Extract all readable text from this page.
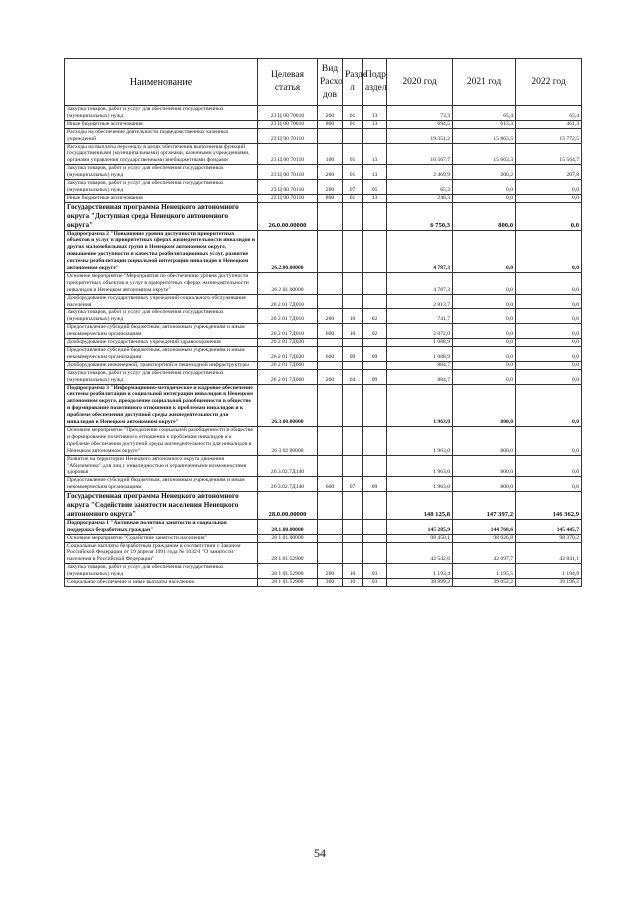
Наименование	Целевая статья	Вид Расхо дов	Разде л	Подр аздел	2020 год	2021 год	2022 год
Закупка товаров, работ и услуг для обеспечения государственных (муниципальных) нужд	23 Ц 00 70010	200	01	13	73,3	65,4	65,4
Иные бюджетные ассигнования	23 Ц 00 70010	800	01	13	694,5	615,3	461,3
Расходы на обеспечение деятельности подведомственных казенных учреждений	23 Ц 00 70110				19 351,2	15 863,5	15 772,5
Расходы на выплаты персоналу в целях обеспечения выполнения функций государственными (муниципальными) органами, казенными учреждениями, органами управления государственными внебюджетными фондами	23 Ц 00 70110	100	01	13	16 567,7	15 663,3	15 564,7
Закупка товаров, работ и услуг для обеспечения государственных (муниципальных) нужд	23 Ц 00 70110	200	01	13	2 469,9	200,2	207,8
Закупка товаров, работ и услуг для обеспечения государственных (муниципальных) нужд	23 Ц 00 70110	200	07	05	65,3	0,0	0,0
Иные бюджетные ассигнования	23 Ц 00 70110	800	01	13	248,3	0,0	0,0
Государственная программа Ненецкого автономного округа "Доступная среда Ненецкого автономного округа"	26.0.00.00000				6 750,3	800,0	0,0
Подпрограмма 2 "Повышение уровня доступности приоритетных объектов и услуг в приоритетных сферах жизнедеятельности инвалидов и других маломобильных групп в Ненецком автономном округе, повышение доступности и качества реабилитационных услуг, развитие системы реабилитации социальной интеграции инвалидов в Ненецком автономном округе"	26.2.00.00000				4 787,3	0,0	0,0
Основное мероприятие "Мероприятия по обеспечению уровня доступности приоритетных объектов и услуг в приоритетных сферах жизнедеятельности инвалидов в Ненецком автономном округе"	26 2 01 00000				4 787,3	0,0	0,0
Дооборудование государственных учреждений социального обслуживания населения	26 2 01 7Д010				2 813,7	0,0	0,0
Закупка товаров, работ и услуг для обеспечения государственных (муниципальных) нужд	26 2 01 7Д010	200	10	02	741,7	0,0	0,0
Предоставление субсидий бюджетным, автономным учреждениям и иным некоммерческим организациям	26 2 01 7Д010	600	10	02	2 072,0	0,0	0,0
Дооборудование государственных учреждений здравоохранения	26 2 01 7Д020				1 088,9	0,0	0,0
Предоставление субсидий бюджетным, автономным учреждениям и иным некоммерческим организациям	26 2 01 7Д020	600	09	09	1 088,9	0,0	0,0
Дооборудование инженерной, транспортной и пешеходной инфраструктуры	26 2 01 7Д060				884,7	0,0	0,0
Закупка товаров, работ и услуг для обеспечения государственных (муниципальных) нужд	26 2 01 7Д060	200	04	09	884,7	0,0	0,0
Подпрограмма 3 "Информационно-методическое и кадровое обеспечение системы реабилитации и социальной интеграции инвалидов в Ненецком автономном округе, преодоление социальной разобщенности в обществе и формирование позитивного отношения к проблемам инвалидов и к проблеме обеспечения доступной среды жизнедеятельности для инвалидов в Ненецком автономном округе"	26.3.00.00000				1 963,0	800,0	0,0
Основное мероприятие "Преодоление социальной разобщенности в обществе и формирование позитивного отношения к проблемам инвалидов и к проблеме обеспечения доступной среды жизнедеятельности для инвалидов в Ненецком автономном округе"	26 3 02 00000				1 963,0	800,0	0,0
Развитие на территории Ненецкого автономного округа движения "Абилимпикс" для лиц с инвалидностью и ограниченными возможностями здоровья	26.3.02.7Д140				1 963,0	800,0	0,0
Предоставление субсидий бюджетным, автономным учреждениям и иным некоммерческим организациям	26 3.02.7Д140	600	07	09	1 963,0	800,0	0,0
Государственная программа Ненецкого автономного округа "Содействие занятости населения Ненецкого автономного округа"	28.0.00.00000				148 125,8	147 397,2	146 362,9
Подпрограмма 1 "Активная политика занятости и социальная поддержка безработных граждан"	28.1.00.00000				145 285,9	144 768,6	145 445,7
Основное мероприятие "Содействие занятости населения"	28 1 01.00000				98 450,1	98 026,8	98 370,2
Социальные выплаты безработным гражданам в соответствии с Законом Российской Федерации от 19 апреля 1991 года № 1032-I "О занятости населения в Российской Федерации"	28 1.01.52900				42 542,6	42 697,7	42 841,1
Закупка товаров, работ и услуг для обеспечения государственных (муниципальных) нужд	28 1 01.52900	200	10	03	1 193,4	1 195,5	1 194,9
Социальное обеспечение и иные выплаты населению	28 1 01.52900	300	10	03	38 899,2	39 052,2	39 196,2
54
